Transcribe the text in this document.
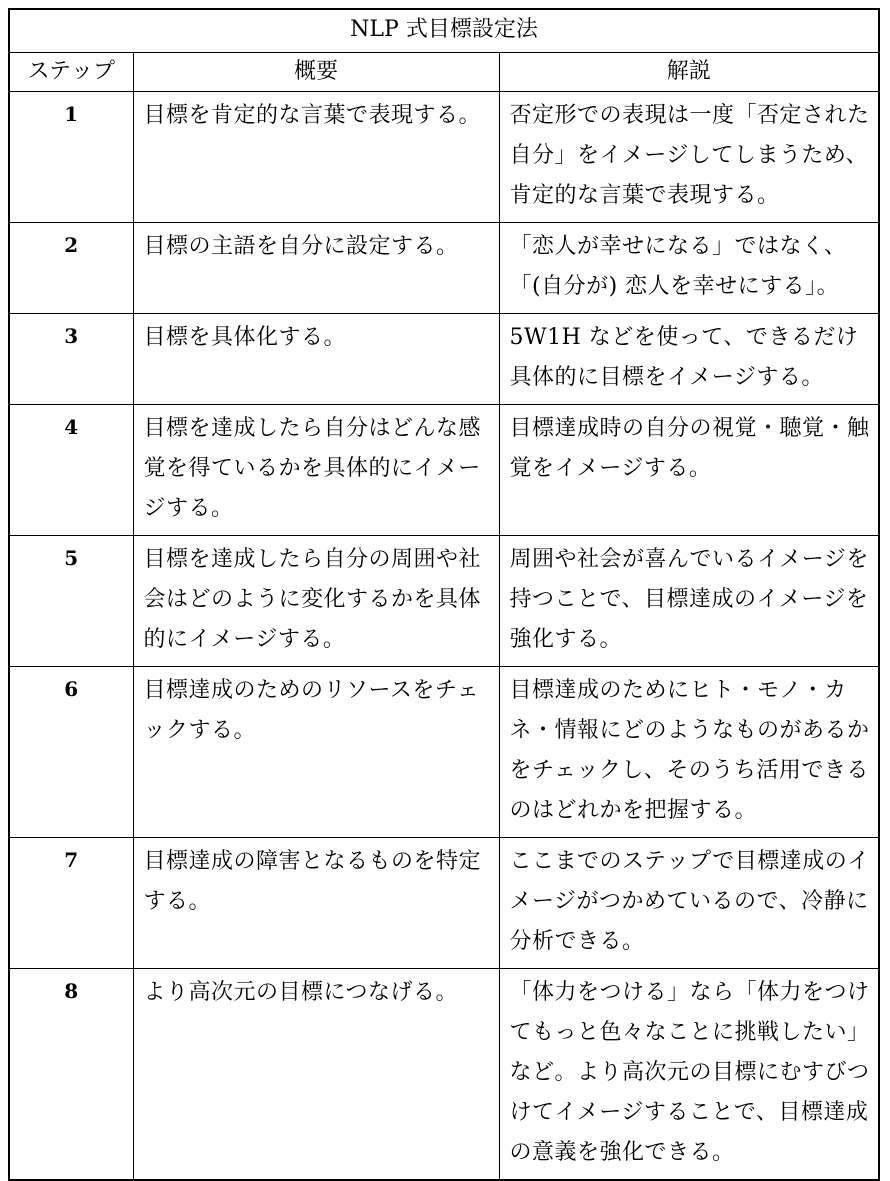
NLP 式目標設定法		
ステップ	概要	解説
1	目標を肯定的な言葉で表現する。	否定形での表現は一度「否定された自分」をイメージしてしまうため、肯定的な言葉で表現する。
2	目標の主語を自分に設定する。	「恋人が幸せになる」ではなく、「(自分が) 恋人を幸せにする」。
3	目標を具体化する。	5W1H などを使って、できるだけ具体的に目標をイメージする。
4	目標を達成したら自分はどんな感覚を得ているかを具体的にイメージする。	目標達成時の自分の視覚・聴覚・触覚をイメージする。
5	目標を達成したら自分の周囲や社会はどのように変化するかを具体的にイメージする。	周囲や社会が喜んでいるイメージを持つことで、目標達成のイメージを強化する。
6	目標達成のためのリソースをチェックする。	目標達成のためにヒト・モノ・カネ・情報にどのようなものがあるかをチェックし、そのうち活用できるのはどれかを把握する。
7	目標達成の障害となるものを特定する。	ここまでのステップで目標達成のイメージがつかめているので、冷静に分析できる。
8	より高次元の目標につなげる。	「体力をつける」なら「体力をつけてもっと色々なことに挑戦したい」など。より高次元の目標にむすびつけてイメージすることで、目標達成の意義を強化できる。
